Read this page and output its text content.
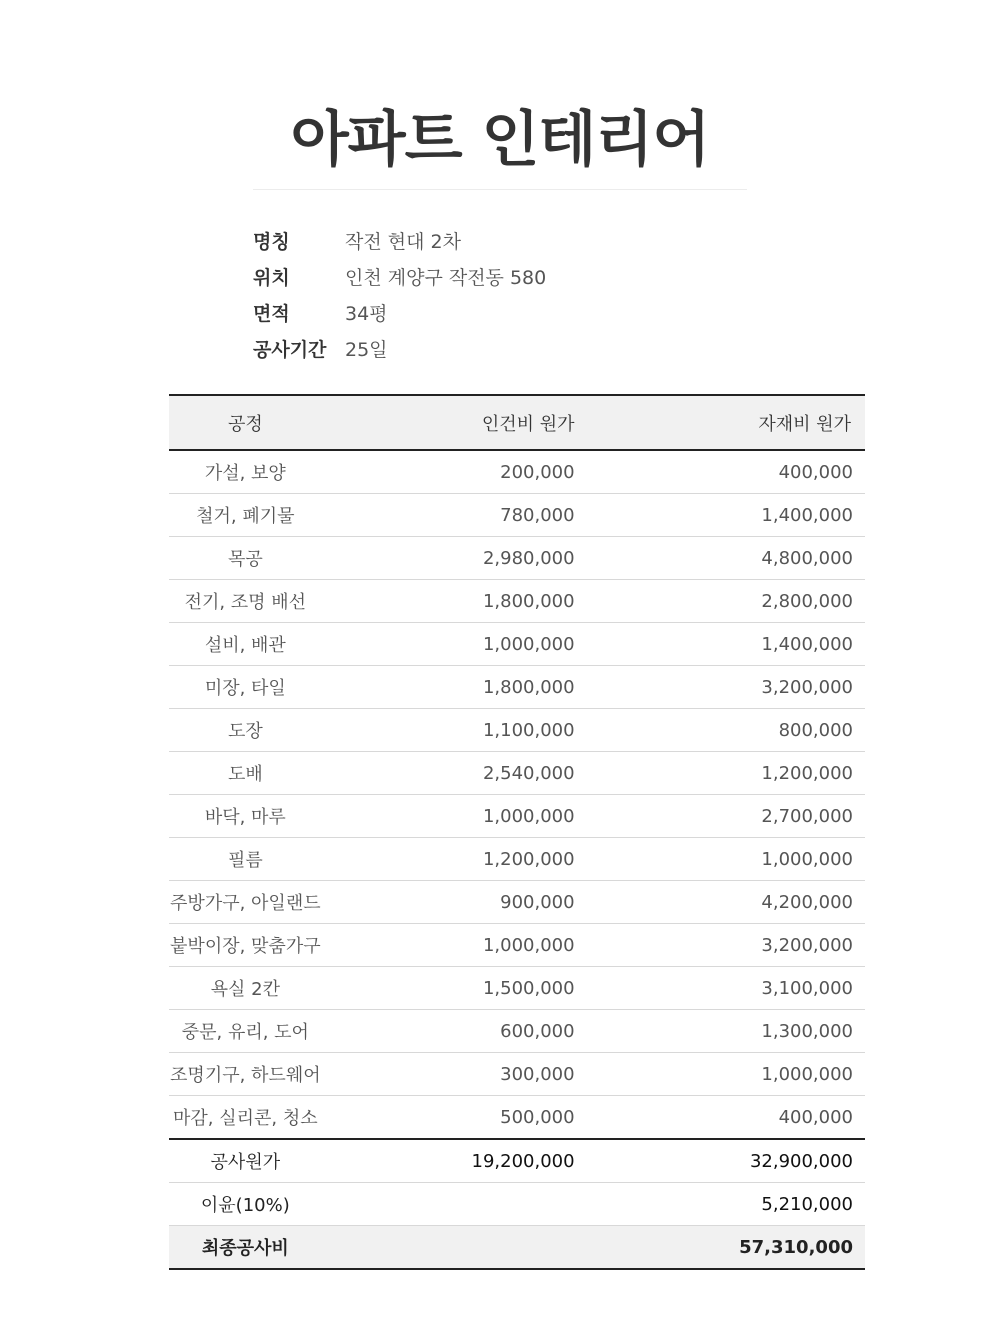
아파트 인테리어
명칭	작전 현대 2차
위치	인천 계양구 작전동 580
면적	34평
공사기간 25일
공정	인건비 원가	자재비 원가
가설, 보양	200,000	400,000
철거, 폐기물	780,000	1,400,000
목공	2,980,000	4,800,000
전기, 조명 배선	1,800,000	2,800,000
설비, 배관	1,000,000	1,400,000
미장, 타일	1,800,000	3,200,000
도장	1,100,000	800,000
도배	2,540,000	1,200,000
바닥, 마루	1,000,000	2,700,000
필름	1,200,000	1,000,000
주방가구, 아일랜드	900,000	4,200,000
붙박이장, 맞춤가구	1,000,000	3,200,000
욕실 2칸	1,500,000	3,100,000
중문, 유리, 도어	600,000	1,300,000
조명기구, 하드웨어	300,000	1,000,000
마감, 실리콘, 청소	500,000	400,000
공사원가	19,200,000	32,900,000
이윤(10%)		5,210,000
최종공사비		57,310,000
